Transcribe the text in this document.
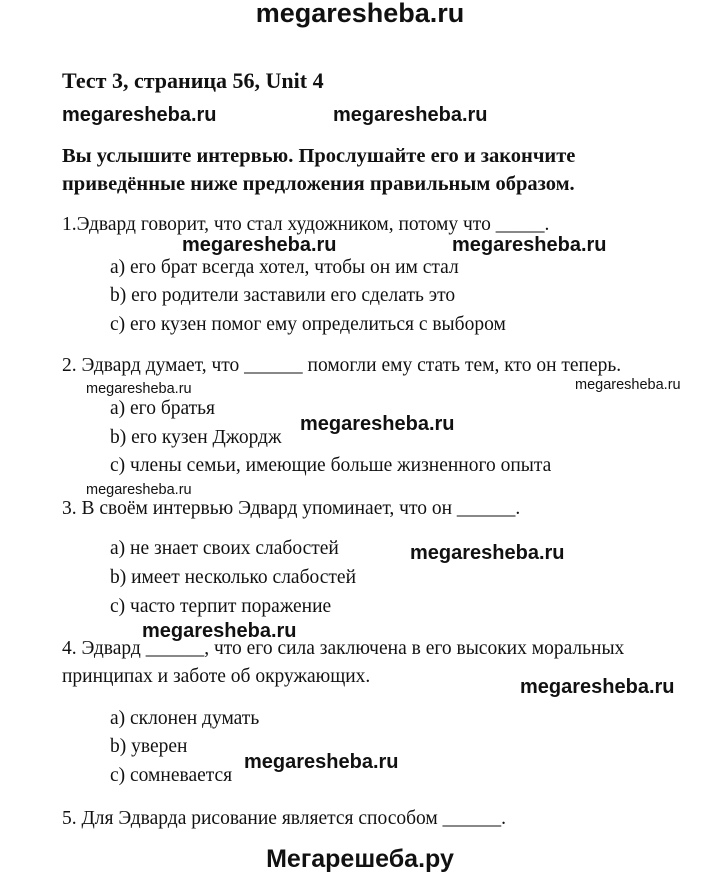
megaresheba.ru
Тест 3, страница 56, Unit 4
megaresheba.ru	megaresheba.ru
Вы услышите интервью. Прослушайте его и закончите
приведённые ниже предложения правильным образом.
1.Эдвард говорит, что стал художником, потому что _____.
megaresheba.ru	megaresheba.ru
a) его брат всегда хотел, чтобы он им стал
b) его родители заставили его сделать это
c) его кузен помог ему определиться с выбором
2. Эдвард думает, что ______ помогли ему стать тем, кто он теперь.
megaresheba.ru	megaresheba.ru
a) его братья
megaresheba.ru
b) его кузен Джордж
c) члены семьи, имеющие больше жизненного опыта
megaresheba.ru
3. В своём интервью Эдвард упоминает, что он ______.
a) не знает своих слабостей	megaresheba.ru
b) имеет несколько слабостей
c) часто терпит поражение
megaresheba.ru
4. Эдвард ______, что его сила заключена в его высоких моральных
принципах и заботе об окружающих.	megaresheba.ru
a) склонен думать
b) уверен
megaresheba.ru
c) сомневается
5. Для Эдварда рисование является способом ______.
Мегарешеба.ру
